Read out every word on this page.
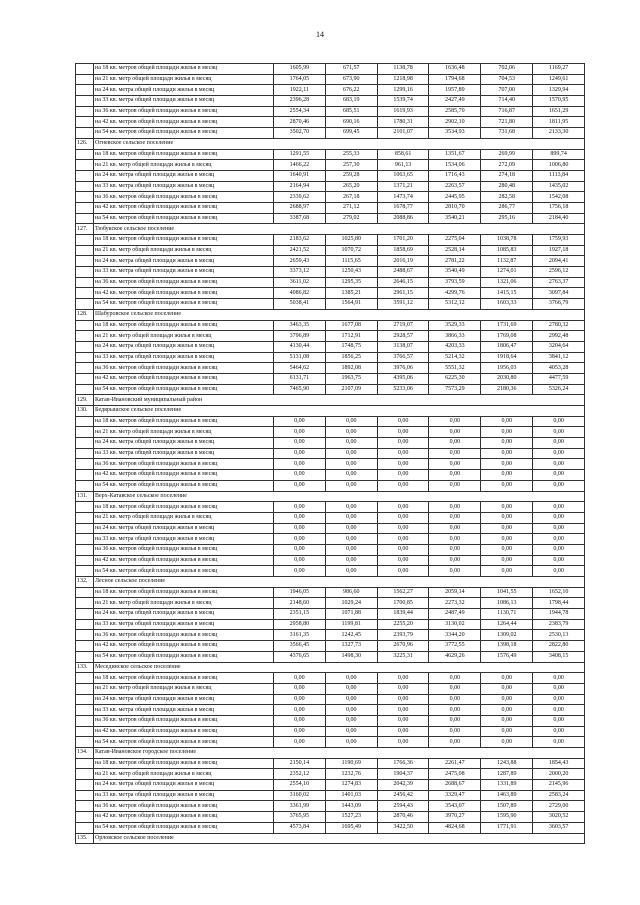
14
	на 18 кв. метров общей площади жилья в месяц	1605,99	671,57	1138,78	1636,48	702,06	1169,27
	на 21 кв. метр общей площади жилья в месяц	1764,05	673,90	1218,98	1794,68	704,53	1249,61
	на 24 кв. метра общей площади жилья в месяц	1922,11	676,22	1299,16	1957,89	707,00	1329,94
	на 33 кв. метра общей площади жилья в месяц	2396,28	683,19	1539,74	2427,49	714,40	1570,95
	на 36 кв. метров общей площади жилья в месяц	2554,34	685,51	1619,93	2585,70	716,87	1651,29
	на 42 кв. метров общей площади жилья в месяц	2870,46	690,16	1780,31	2902,10	721,80	1811,95
	на 54 кв. метров общей площади жилья в месяц	3502,70	699,45	2101,07	3534,93	731,68	2133,30
126.	Огневское сельское поселение						
	на 18 кв. метров общей площади жилья в месяц	1291,55	255,33	858,61	1351,67	269,99	899,74
	на 21 кв. метр общей площади жилья в месяц	1466,22	257,30	961,13	1534,06	272,09	1006,80
	на 24 кв. метра общей площади жилья в месяц	1640,91	259,28	1063,65	1716,43	274,18	1113,84
	на 33 кв. метра общей площади жилья в месяц	2164,94	265,20	1371,21	2263,57	280,48	1435,02
	на 36 кв. метров общей площади жилья в месяц	2339,62	267,18	1473,74	2445,95	282,58	1542,08
	на 42 кв. метров общей площади жилья в месяц	2688,97	271,12	1678,77	2810,70	286,77	1756,18
	на 54 кв. метров общей площади жилья в месяц	3387,68	279,02	2088,86	3540,21	295,16	2184,40
127.	Тюбукское сельское поселение						
	на 18 кв. метров общей площади жилья в месяц	2183,62	1025,80	1701,20	2275,04	1038,78	1759,93
	на 21 кв. метр общей площади жилья в месяц	2421,52	1070,72	1858,69	2528,14	1085,83	1927,18
	на 24 кв. метра общей площади жилья в месяц	2659,43	1115,65	2016,19	2781,22	1132,87	2094,41
	на 33 кв. метра общей площади жилья в месяц	3373,12	1250,43	2488,67	3540,49	1274,01	2596,12
	на 36 кв. метров общей площади жилья в месяц	3611,02	1295,35	2646,15	3793,59	1321,06	2763,37
	на 42 кв. метров общей площади жилья в месяц	4086,82	1385,21	2961,15	4299,76	1415,15	3097,84
	на 54 кв. метров общей площади жилья в месяц	5038,41	1564,91	3591,12	5312,12	1603,33	3766,79
128.	Шабуровское сельское поселение						
	на 18 кв. метров общей площади жилья в месяц	3463,35	1677,08	2719,07	3529,33	1731,69	2780,32
	на 21 кв. метр общей площади жилья в месяц	3796,89	1712,91	2928,57	3866,33	1769,08	2992,48
	на 24 кв. метра общей площади жилья в месяц	4130,44	1748,75	3138,07	4203,33	1806,47	3204,64
	на 33 кв. метра общей площади жилья в месяц	5131,08	1856,25	3766,57	5214,32	1918,64	3841,12
	на 36 кв. метров общей площади жилья в месяц	5464,62	1892,08	3976,06	5551,32	1956,03	4053,28
	на 42 кв. метров общей площади жилья в месяц	6131,71	1963,75	4395,06	6225,30	2030,80	4477,59
	на 54 кв. метров общей площади жилья в месяц	7465,90	2107,09	5233,06	7573,29	2180,36	5326,24
129.	Катав-Ивановский муниципальный район						
130.	Бедярышское сельское поселение						
	на 18 кв. метров общей площади жилья в месяц	0,00	0,00	0,00	0,00	0,00	0,00
	на 21 кв. метр общей площади жилья в месяц	0,00	0,00	0,00	0,00	0,00	0,00
	на 24 кв. метра общей площади жилья в месяц	0,00	0,00	0,00	0,00	0,00	0,00
	на 33 кв. метра общей площади жилья в месяц	0,00	0,00	0,00	0,00	0,00	0,00
	на 36 кв. метров общей площади жилья в месяц	0,00	0,00	0,00	0,00	0,00	0,00
	на 42 кв. метров общей площади жилья в месяц	0,00	0,00	0,00	0,00	0,00	0,00
	на 54 кв. метров общей площади жилья в месяц	0,00	0,00	0,00	0,00	0,00	0,00
131.	Верх-Катавское сельское поселение						
	на 18 кв. метров общей площади жилья в месяц	0,00	0,00	0,00	0,00	0,00	0,00
	на 21 кв. метр общей площади жилья в месяц	0,00	0,00	0,00	0,00	0,00	0,00
	на 24 кв. метра общей площади жилья в месяц	0,00	0,00	0,00	0,00	0,00	0,00
	на 33 кв. метра общей площади жилья в месяц	0,00	0,00	0,00	0,00	0,00	0,00
	на 36 кв. метров общей площади жилья в месяц	0,00	0,00	0,00	0,00	0,00	0,00
	на 42 кв. метров общей площади жилья в месяц	0,00	0,00	0,00	0,00	0,00	0,00
	на 54 кв. метров общей площади жилья в месяц	0,00	0,00	0,00	0,00	0,00	0,00
132.	Лесное сельское поселение						
	на 18 кв. метров общей площади жилья в месяц	1946,05	986,60	1562,27	2059,14	1041,55	1652,10
	на 21 кв. метр общей площади жилья в месяц	2148,60	1029,24	1700,85	2273,32	1086,13	1798,44
	на 24 кв. метра общей площади жилья в месяц	2351,15	1071,88	1839,44	2487,49	1130,71	1944,78
	на 33 кв. метра общей площади жилья в месяц	2958,80	1199,81	2255,20	3130,02	1264,44	2383,79
	на 36 кв. метров общей площади жилья в месяц	3161,35	1242,45	2393,79	3344,20	1309,02	2530,13
	на 42 кв. метров общей площади жилья в месяц	3566,45	1327,73	2670,96	3772,55	1398,18	2822,80
	на 54 кв. метров общей площади жилья в месяц	4376,65	1498,30	3225,31	4629,26	1576,49	3408,15
133.	Месединское сельское поселение						
	на 18 кв. метров общей площади жилья в месяц	0,00	0,00	0,00	0,00	0,00	0,00
	на 21 кв. метр общей площади жилья в месяц	0,00	0,00	0,00	0,00	0,00	0,00
	на 24 кв. метра общей площади жилья в месяц	0,00	0,00	0,00	0,00	0,00	0,00
	на 33 кв. метра общей площади жилья в месяц	0,00	0,00	0,00	0,00	0,00	0,00
	на 36 кв. метров общей площади жилья в месяц	0,00	0,00	0,00	0,00	0,00	0,00
	на 42 кв. метров общей площади жилья в месяц	0,00	0,00	0,00	0,00	0,00	0,00
	на 54 кв. метров общей площади жилья в месяц	0,00	0,00	0,00	0,00	0,00	0,00
134.	Катав-Ивановское городское поселение						
	на 18 кв. метров общей площади жилья в месяц	2150,14	1190,69	1766,36	2261,47	1243,88	1854,43
	на 21 кв. метр общей площади жилья в месяц	2352,12	1232,76	1904,37	2475,08	1287,89	2000,20
	на 24 кв. метра общей площади жилья в месяц	2554,10	1274,83	2042,39	2688,67	1331,89	2145,96
	на 33 кв. метра общей площади жилья в месяц	3160,02	1401,03	2456,42	3329,47	1463,89	2583,24
	на 36 кв. метров общей площади жилья в месяц	3361,99	1443,09	2594,43	3543,07	1507,89	2729,00
	на 42 кв. метров общей площади жилья в месяц	3765,95	1527,23	2870,46	3970,27	1595,90	3020,52
	на 54 кв. метров общей площади жилья в месяц	4573,84	1695,49	3422,50	4824,68	1771,91	3603,57
135.	Орловское сельское поселение						
